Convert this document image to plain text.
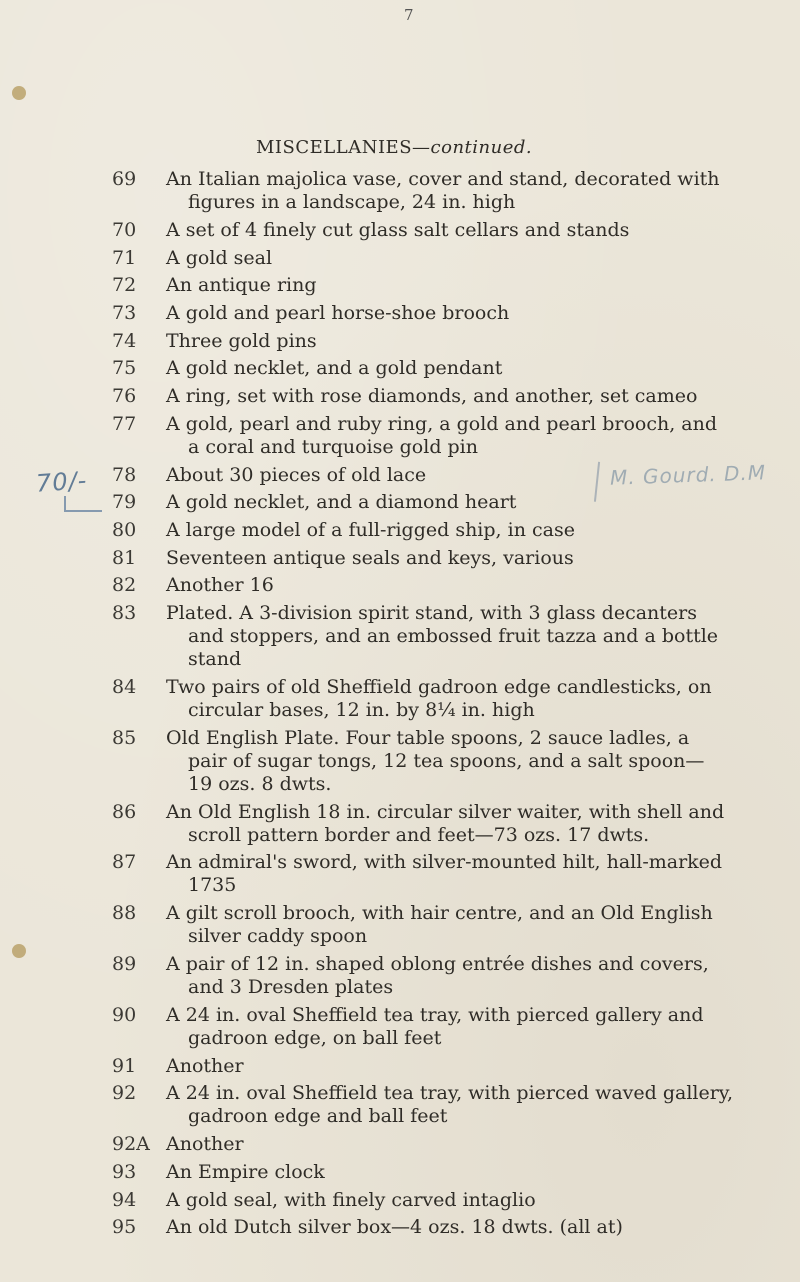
7
MISCELLANIES—continued.
70/-	M. Gourd. D.M
69	An Italian majolica vase, cover and stand, decorated with
figures in a landscape, 24 in. high
70	A set of 4 finely cut glass salt cellars and stands
71	A gold seal
72	An antique ring
73	A gold and pearl horse-shoe brooch
74	Three gold pins
75	A gold necklet, and a gold pendant
76	A ring, set with rose diamonds, and another, set cameo
77	A gold, pearl and ruby ring, a gold and pearl brooch, and
a coral and turquoise gold pin
78	About 30 pieces of old lace
79	A gold necklet, and a diamond heart
80	A large model of a full-rigged ship, in case
81	Seventeen antique seals and keys, various
82	Another 16
83	Plated. A 3-division spirit stand, with 3 glass decanters
and stoppers, and an embossed fruit tazza and a bottle
stand
84	Two pairs of old Sheffield gadroon edge candlesticks, on
circular bases, 12 in. by 8¼ in. high
85	Old English Plate. Four table spoons, 2 sauce ladles, a
pair of sugar tongs, 12 tea spoons, and a salt spoon—
19 ozs. 8 dwts.
86	An Old English 18 in. circular silver waiter, with shell and
scroll pattern border and feet—73 ozs. 17 dwts.
87	An admiral's sword, with silver-mounted hilt, hall-marked
1735
88	A gilt scroll brooch, with hair centre, and an Old English
silver caddy spoon
89	A pair of 12 in. shaped oblong entrée dishes and covers,
and 3 Dresden plates
90	A 24 in. oval Sheffield tea tray, with pierced gallery and
gadroon edge, on ball feet
91	Another
92	A 24 in. oval Sheffield tea tray, with pierced waved gallery,
gadroon edge and ball feet
92A Another
93	An Empire clock
94	A gold seal, with finely carved intaglio
95	An old Dutch silver box—4 ozs. 18 dwts. (all at)
